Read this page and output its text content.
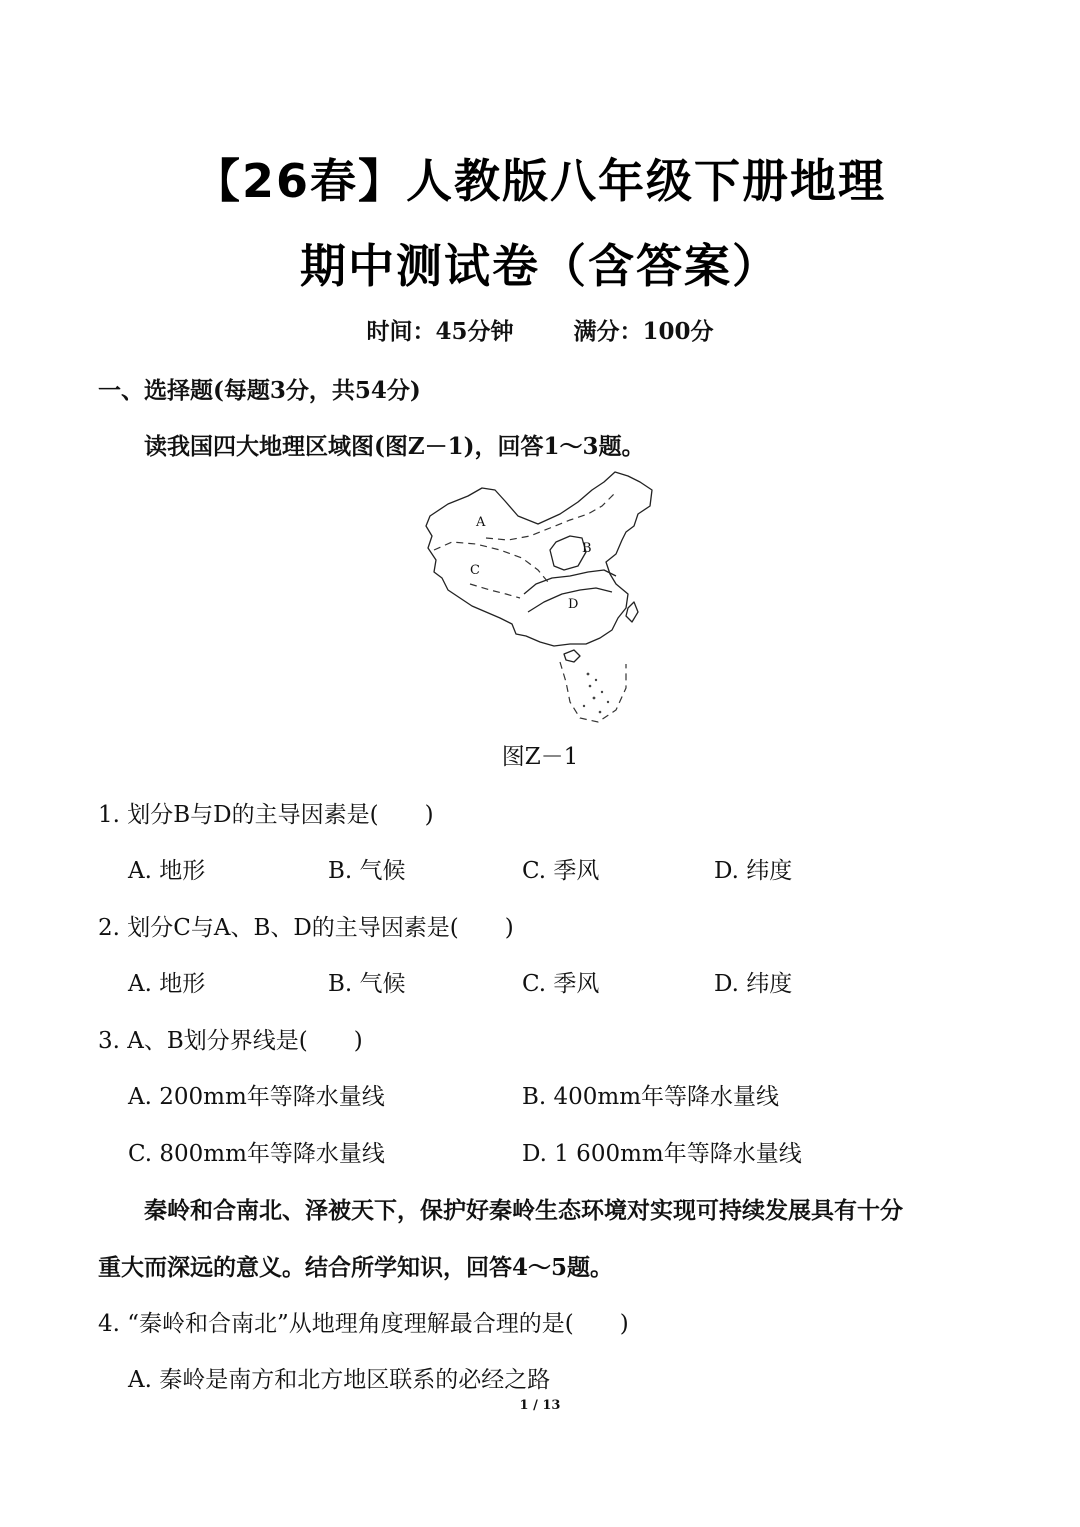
【26春】人教版八年级下册地理
期中测试卷（含答案）
时间：45分钟	满分：100分
一、选择题(每题3分，共54分)
读我国四大地理区域图(图Z－1)，回答1～3题。
A
B
C
D
图Z－1
1. 划分B与D的主导因素是(　　)
A. 地形	B. 气候	C. 季风	D. 纬度
2. 划分C与A、B、D的主导因素是(　　)
A. 地形	B. 气候	C. 季风	D. 纬度
3. A、B划分界线是(　　)
A. 200mm年等降水量线	B. 400mm年等降水量线
C. 800mm年等降水量线	D. 1 600mm年等降水量线
秦岭和合南北、泽被天下，保护好秦岭生态环境对实现可持续发展具有十分
重大而深远的意义。结合所学知识，回答4～5题。
4. “秦岭和合南北”从地理角度理解最合理的是(　　)
A. 秦岭是南方和北方地区联系的必经之路
1 / 13
